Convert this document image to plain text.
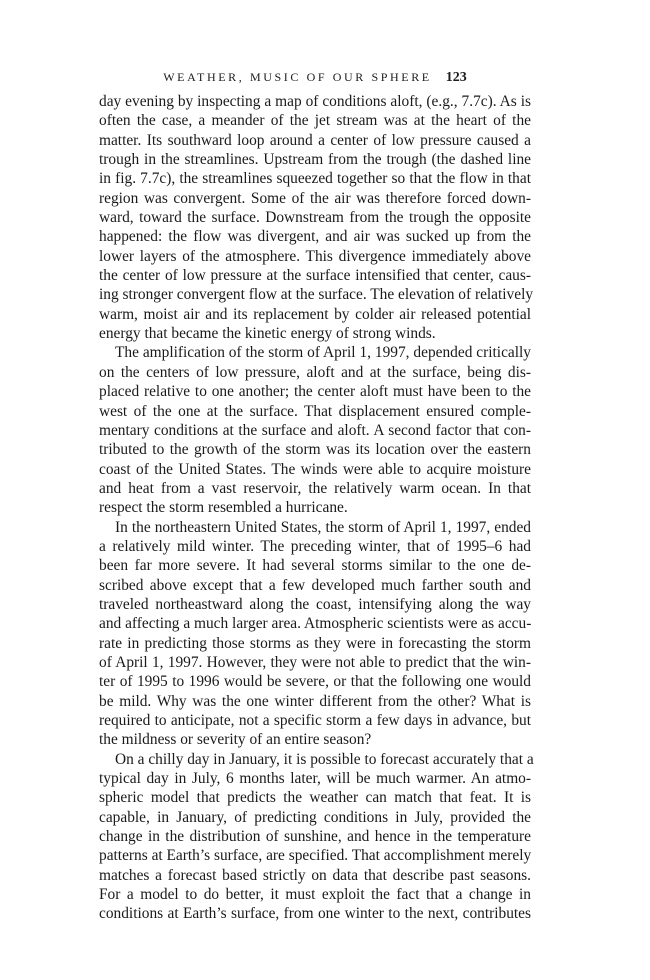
WEATHER, MUSIC OF OUR SPHERE 123

day evening by inspecting a map of conditions aloft, (e.g., 7.7c). As is
often the case, a meander of the jet stream was at the heart of the
matter. Its southward loop around a center of low pressure caused a
trough in the streamlines. Upstream from the trough (the dashed line
in fig. 7.7c), the streamlines squeezed together so that the flow in that
region was convergent. Some of the air was therefore forced down-
ward, toward the surface. Downstream from the trough the opposite
happened: the flow was divergent, and air was sucked up from the
lower layers of the atmosphere. This divergence immediately above
the center of low pressure at the surface intensified that center, caus-
ing stronger convergent flow at the surface. The elevation of relatively
warm, moist air and its replacement by colder air released potential
energy that became the kinetic energy of strong winds.

The amplification of the storm of April 1, 1997, depended critically
on the centers of low pressure, aloft and at the surface, being dis-
placed relative to one another; the center aloft must have been to the
west of the one at the surface. That displacement ensured comple-
mentary conditions at the surface and aloft. A second factor that con-
tributed to the growth of the storm was its location over the eastern
coast of the United States. The winds were able to acquire moisture
and heat from a vast reservoir, the relatively warm ocean. In that
respect the storm resembled a hurricane.

In the northeastern United States, the storm of April 1, 1997, ended
a relatively mild winter. The preceding winter, that of 1995–6 had
been far more severe. It had several storms similar to the one de-
scribed above except that a few developed much farther south and
traveled northeastward along the coast, intensifying along the way
and affecting a much larger area. Atmospheric scientists were as accu-
rate in predicting those storms as they were in forecasting the storm
of April 1, 1997. However, they were not able to predict that the win-
ter of 1995 to 1996 would be severe, or that the following one would
be mild. Why was the one winter different from the other? What is
required to anticipate, not a specific storm a few days in advance, but
the mildness or severity of an entire season?

On a chilly day in January, it is possible to forecast accurately that a
typical day in July, 6 months later, will be much warmer. An atmo-
spheric model that predicts the weather can match that feat. It is
capable, in January, of predicting conditions in July, provided the
change in the distribution of sunshine, and hence in the temperature
patterns at Earth’s surface, are specified. That accomplishment merely
matches a forecast based strictly on data that describe past seasons.
For a model to do better, it must exploit the fact that a change in
conditions at Earth’s surface, from one winter to the next, contributes
